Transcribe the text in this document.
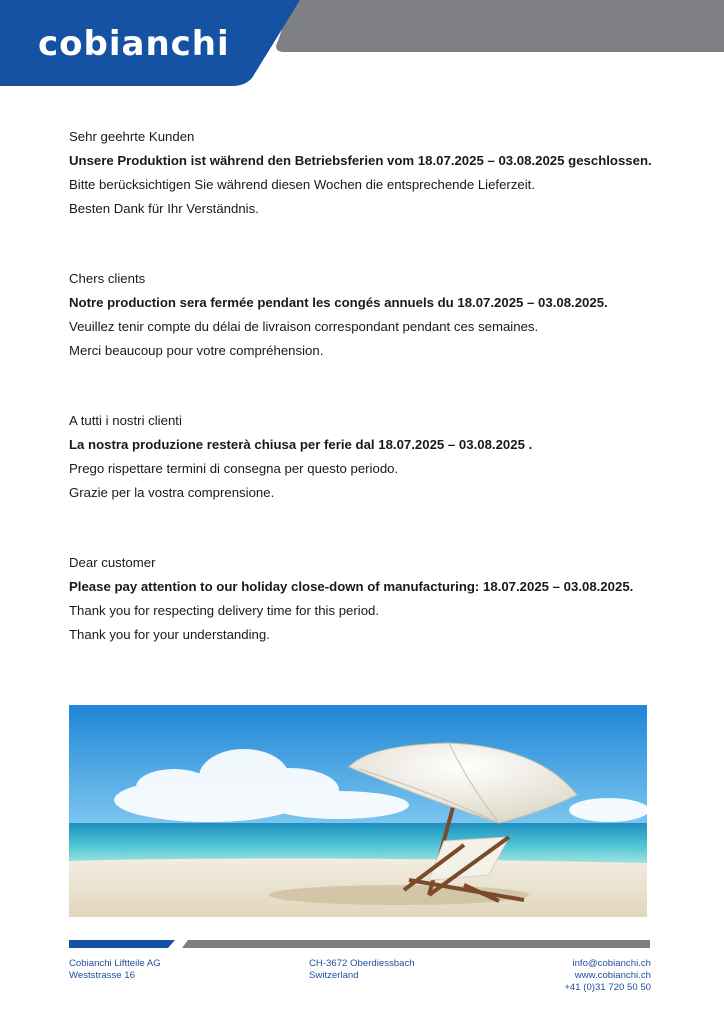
cobianchi
Sehr geehrte Kunden
Unsere Produktion ist während den Betriebsferien vom 18.07.2025 – 03.08.2025 geschlossen.
Bitte berücksichtigen Sie während diesen Wochen die entsprechende Lieferzeit.
Besten Dank für Ihr Verständnis.
Chers clients
Notre production sera fermée pendant les congés annuels du 18.07.2025 – 03.08.2025.
Veuillez tenir compte du délai de livraison correspondant pendant ces semaines.
Merci beaucoup pour votre compréhension.
A tutti i nostri clienti
La nostra produzione resterà chiusa per ferie dal 18.07.2025 – 03.08.2025 .
Prego rispettare termini di consegna per questo periodo.
Grazie per la vostra comprensione.
Dear customer
Please pay attention to our holiday close-down of manufacturing: 18.07.2025 – 03.08.2025.
Thank you for respecting delivery time for this period.
Thank you for your understanding.
Cobianchi Liftteile AG
Weststrasse 16
CH-3672 Oberdiessbach
Switzerland
info@cobianchi.ch
www.cobianchi.ch
+41 (0)31 720 50 50
